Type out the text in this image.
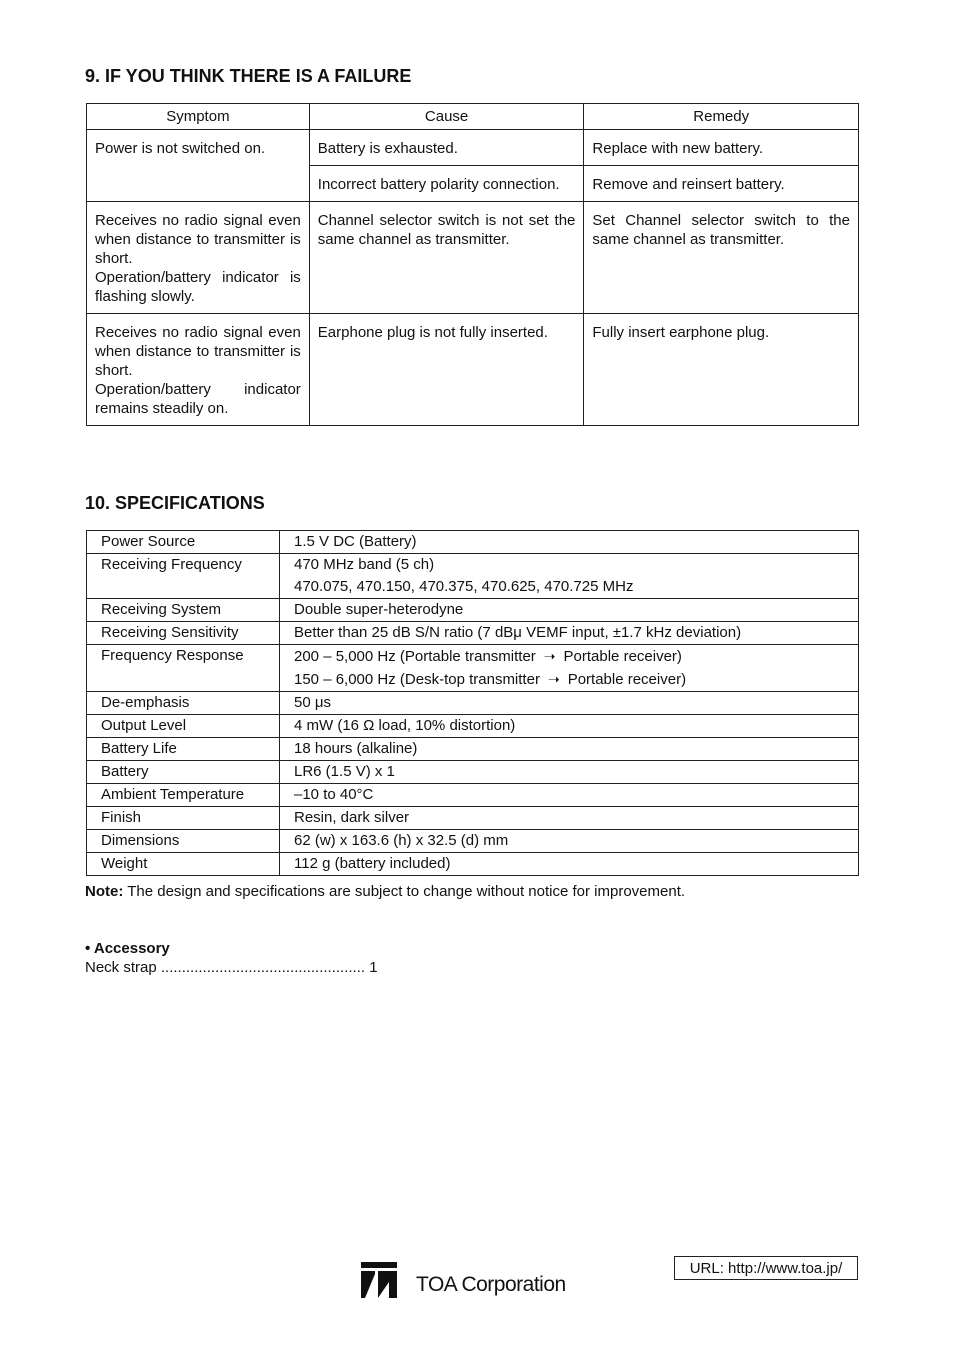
9. IF YOU THINK THERE IS A FAILURE
Symptom	Cause	Remedy
Power is not switched on.	Battery is exhausted.	Replace with new battery.
	Incorrect battery polarity connection.	Remove and reinsert battery.

Receives no radio signal even when distance to transmitter is short.
Operation/battery indicator is flashing slowly.	Channel selector switch is not set the same channel as transmitter.	Set Channel selector switch to the same channel as transmitter.

Receives no radio signal even when distance to transmitter is short.
Operation/battery indicator remains steadily on.	Earphone plug is not fully inserted.	Fully insert earphone plug.
10. SPECIFICATIONS
Power Source	1.5 V DC (Battery)
Receiving Frequency	470 MHz band (5 ch)
470.075, 470.150, 470.375, 470.625, 470.725 MHz

Receiving System	Double super-heterodyne
Receiving Sensitivity	Better than 25 dB S/N ratio (7 dBμ VEMF input, ±1.7 kHz deviation)
Frequency Response	200 – 5,000 Hz (Portable transmitter ➝ Portable receiver)
150 – 6,000 Hz (Desk-top transmitter ➝ Portable receiver)

De-emphasis	50 μs
Output Level	4 mW (16 Ω load, 10% distortion)
Battery Life	18 hours (alkaline)
Battery	LR6 (1.5 V) x 1
Ambient Temperature	–10 to 40°C
Finish	Resin, dark silver
Dimensions	62 (w) x 163.6 (h) x 32.5 (d) mm
Weight	112 g (battery included)

Note: The design and specifications are subject to change without notice for improvement.

• Accessory

Neck strap ................................................. 1

URL: http://www.toa.jp/
TOA Corporation
